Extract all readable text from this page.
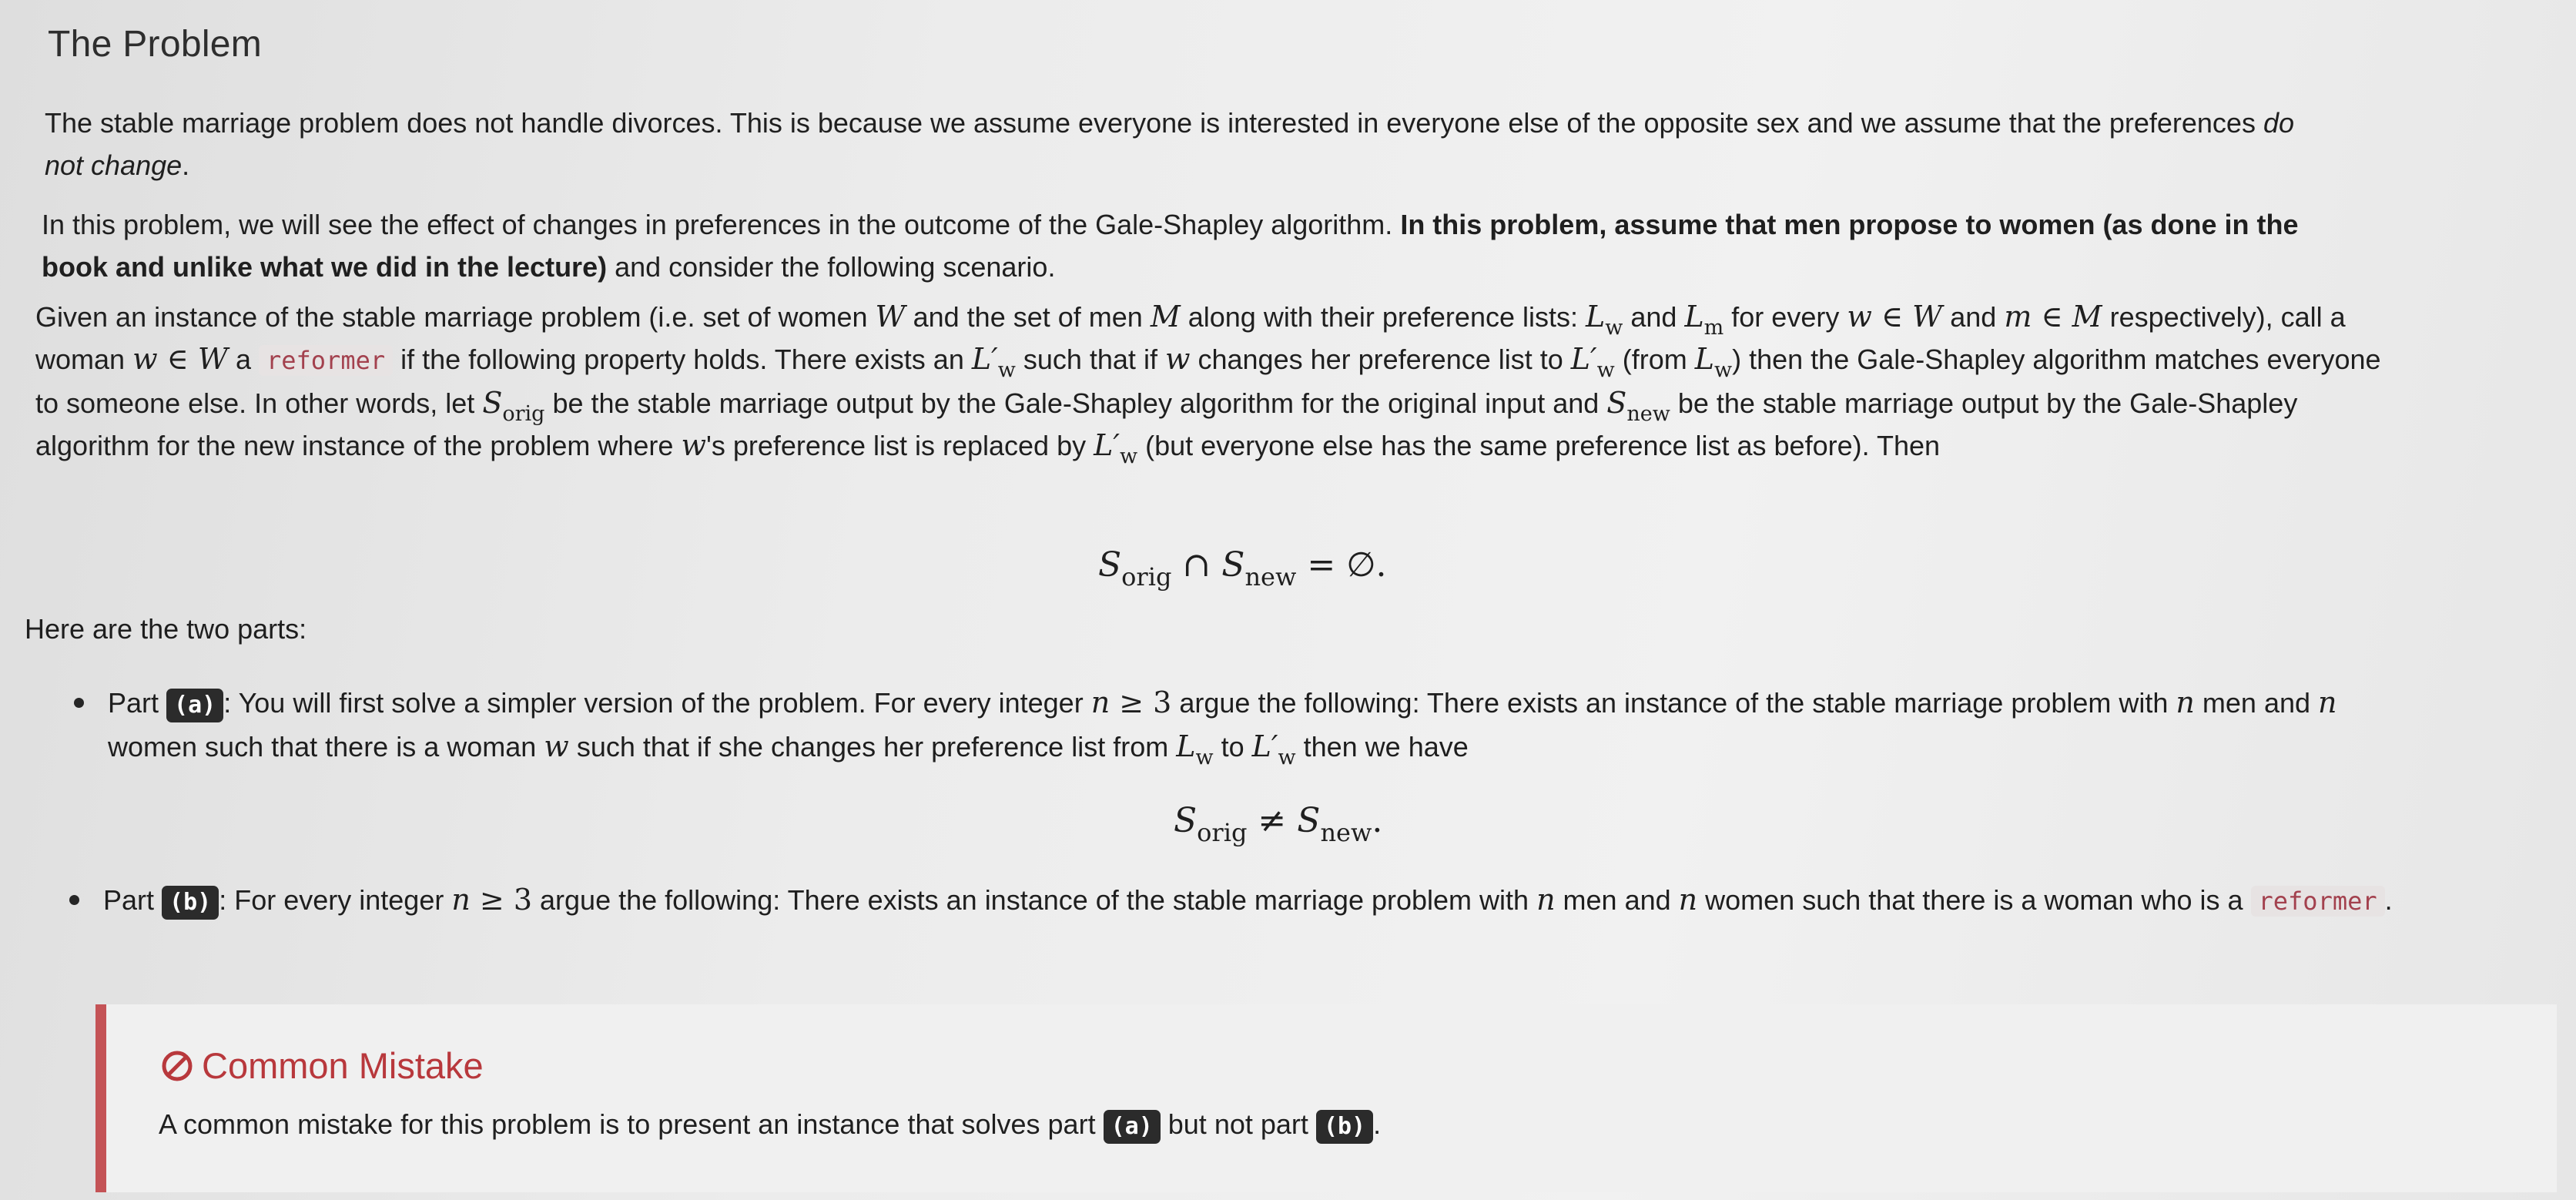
The Problem

The stable marriage problem does not handle divorces. This is because we assume everyone is interested in everyone else of the opposite sex and we assume that the preferences do not change.

In this problem, we will see the effect of changes in preferences in the outcome of the Gale-Shapley algorithm. In this problem, assume that men propose to women (as done in the book and unlike what we did in the lecture) and consider the following scenario.

Given an instance of the stable marriage problem (i.e. set of women W and the set of men M along with their preference lists: $L_w$ and $L_m$ for every w ∈ W and m ∈ M respectively), call a woman w ∈ W a reformer if the following property holds. There exists an $L'_w$ such that if w changes her preference list to $L'_w$ (from $L_w$) then the Gale-Shapley algorithm matches everyone to someone else. In other words, let $S_{orig}$ be the stable marriage output by the Gale-Shapley algorithm for the original input and $S_{new}$ be the stable marriage output by the Gale-Shapley algorithm for the new instance of the problem where w's preference list is replaced by $L'_w$ (but everyone else has the same preference list as before). Then

$S_{orig}$ ∩ $S_{new}$ = ∅.

Here are the two parts:

Part (a) : You will first solve a simpler version of the problem. For every integer n ≥ 3 argue the following: There exists an instance of the stable marriage problem with n men and n women such that there is a woman w such that if she changes her preference list from $L_w$ to $L'_w$ then we have

$S_{orig} \ne S_{new}$.

Part (b) : For every integer n ≥ 3 argue the following: There exists an instance of the stable marriage problem with n men and n women such that there is a woman who is a reformer .

Common Mistake

A common mistake for this problem is to present an instance that solves part (a) but not part (b) .
